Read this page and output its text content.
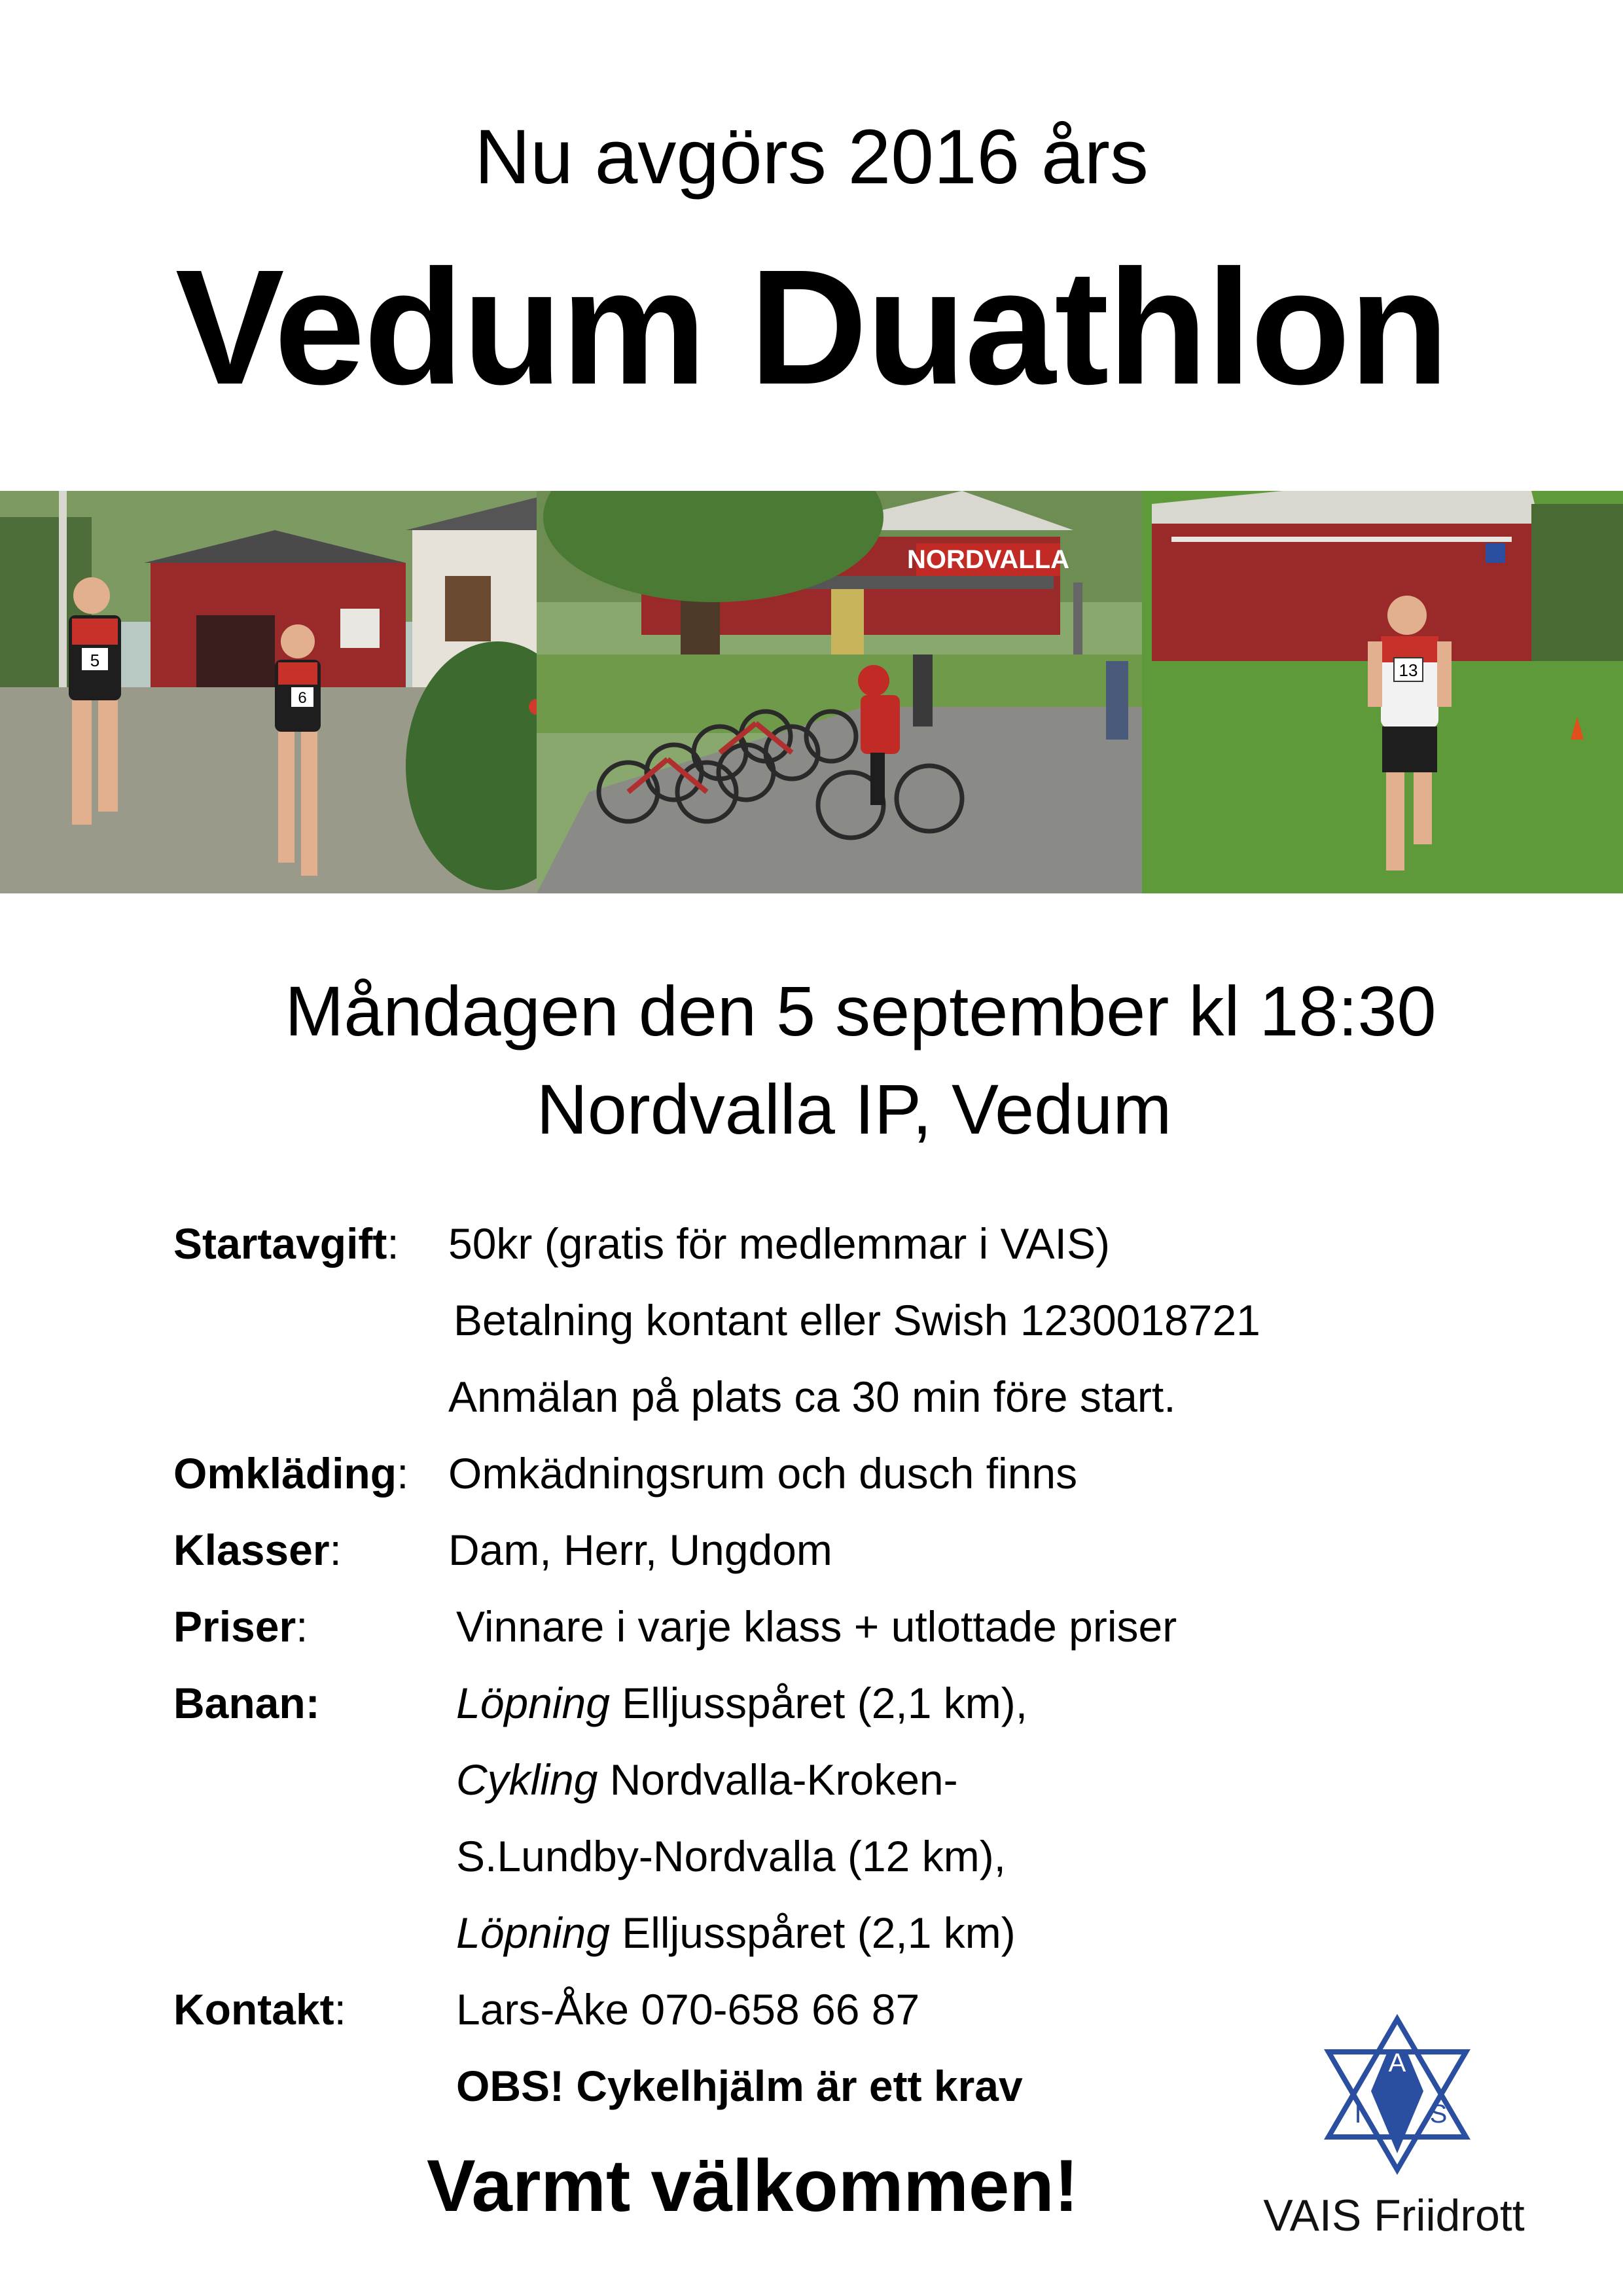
Nu avgörs 2016 års
Vedum Duathlon
5
6
NORDVALLA
13
Måndagen den 5 september kl 18:30
Nordvalla IP, Vedum
Startavgift: 50kr (gratis för medlemmar i VAIS)
Betalning kontant eller Swish 1230018721
Anmälan på plats ca 30 min före start.
Omkläding: Omkädningsrum och dusch finns
Klasser: Dam, Herr, Ungdom
Priser:	Vinnare i varje klass + utlottade priser
Banan:	Löpning Elljusspåret (2,1 km),
Cykling Nordvalla-Kroken-
S.Lundby-Nordvalla (12 km),
Löpning Elljusspåret (2,1 km)
Kontakt:	Lars-Åke 070-658 66 87
OBS! Cykelhjälm är ett krav
Varmt välkommen!
A
I	S
VAIS Friidrott
